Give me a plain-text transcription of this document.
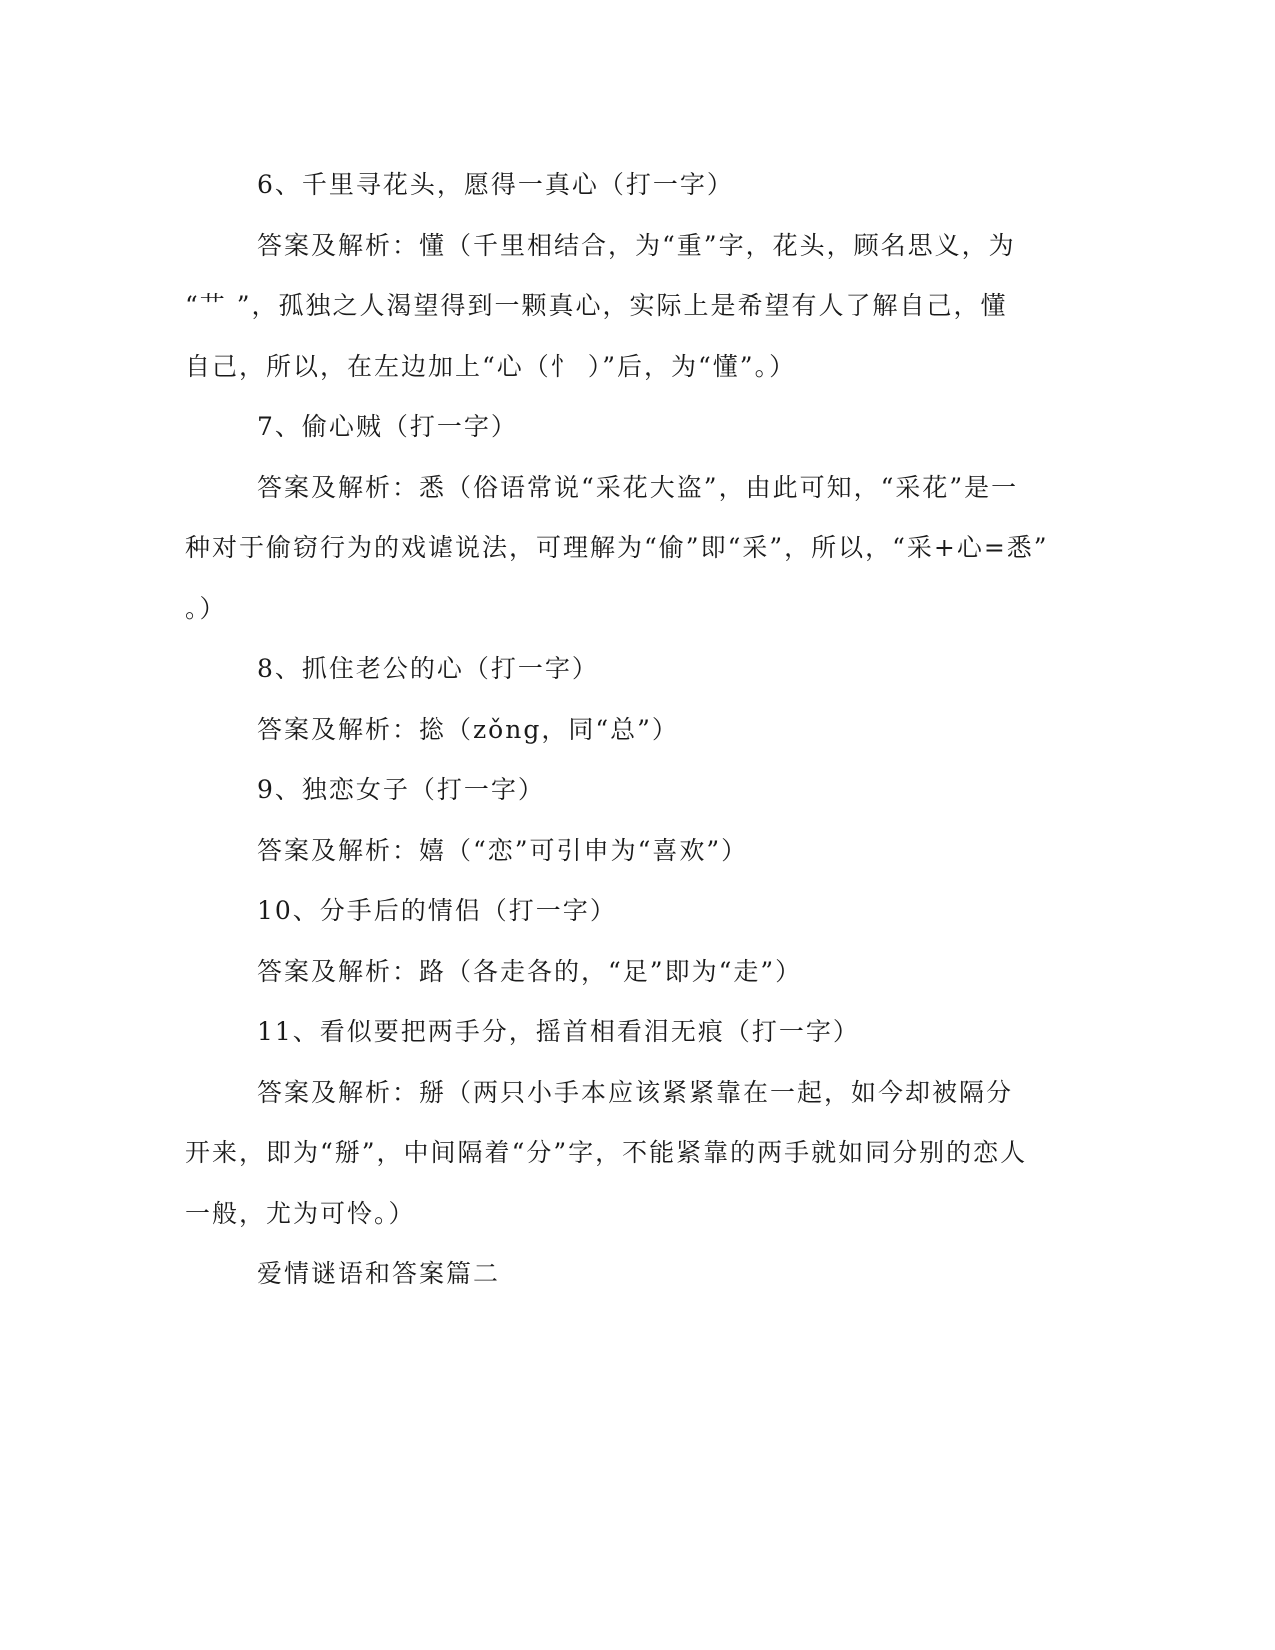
6、千里寻花头，愿得一真心（打一字）
答案及解析：懂（千里相结合，为“重”字，花头，顾名思义，为
“艹 ”，孤独之人渴望得到一颗真心，实际上是希望有人了解自己，懂
自己，所以，在左边加上“心（忄 ）”后，为“懂”。）
7、偷心贼（打一字）
答案及解析：悉（俗语常说“采花大盗”，由此可知，“采花”是一
种对于偷窃行为的戏谑说法，可理解为“偷”即“采”，所以，“采+心=悉”
。）
8、抓住老公的心（打一字）
答案及解析：捴（zǒng，同“总”）
9、独恋女子（打一字）
答案及解析：嬉（“恋”可引申为“喜欢”）
10、分手后的情侣（打一字）
答案及解析：路（各走各的，“足”即为“走”）
11、看似要把两手分，摇首相看泪无痕（打一字）
答案及解析：掰（两只小手本应该紧紧靠在一起，如今却被隔分
开来，即为“掰”，中间隔着“分”字，不能紧靠的两手就如同分别的恋人
一般，尤为可怜。）
爱情谜语和答案篇二
